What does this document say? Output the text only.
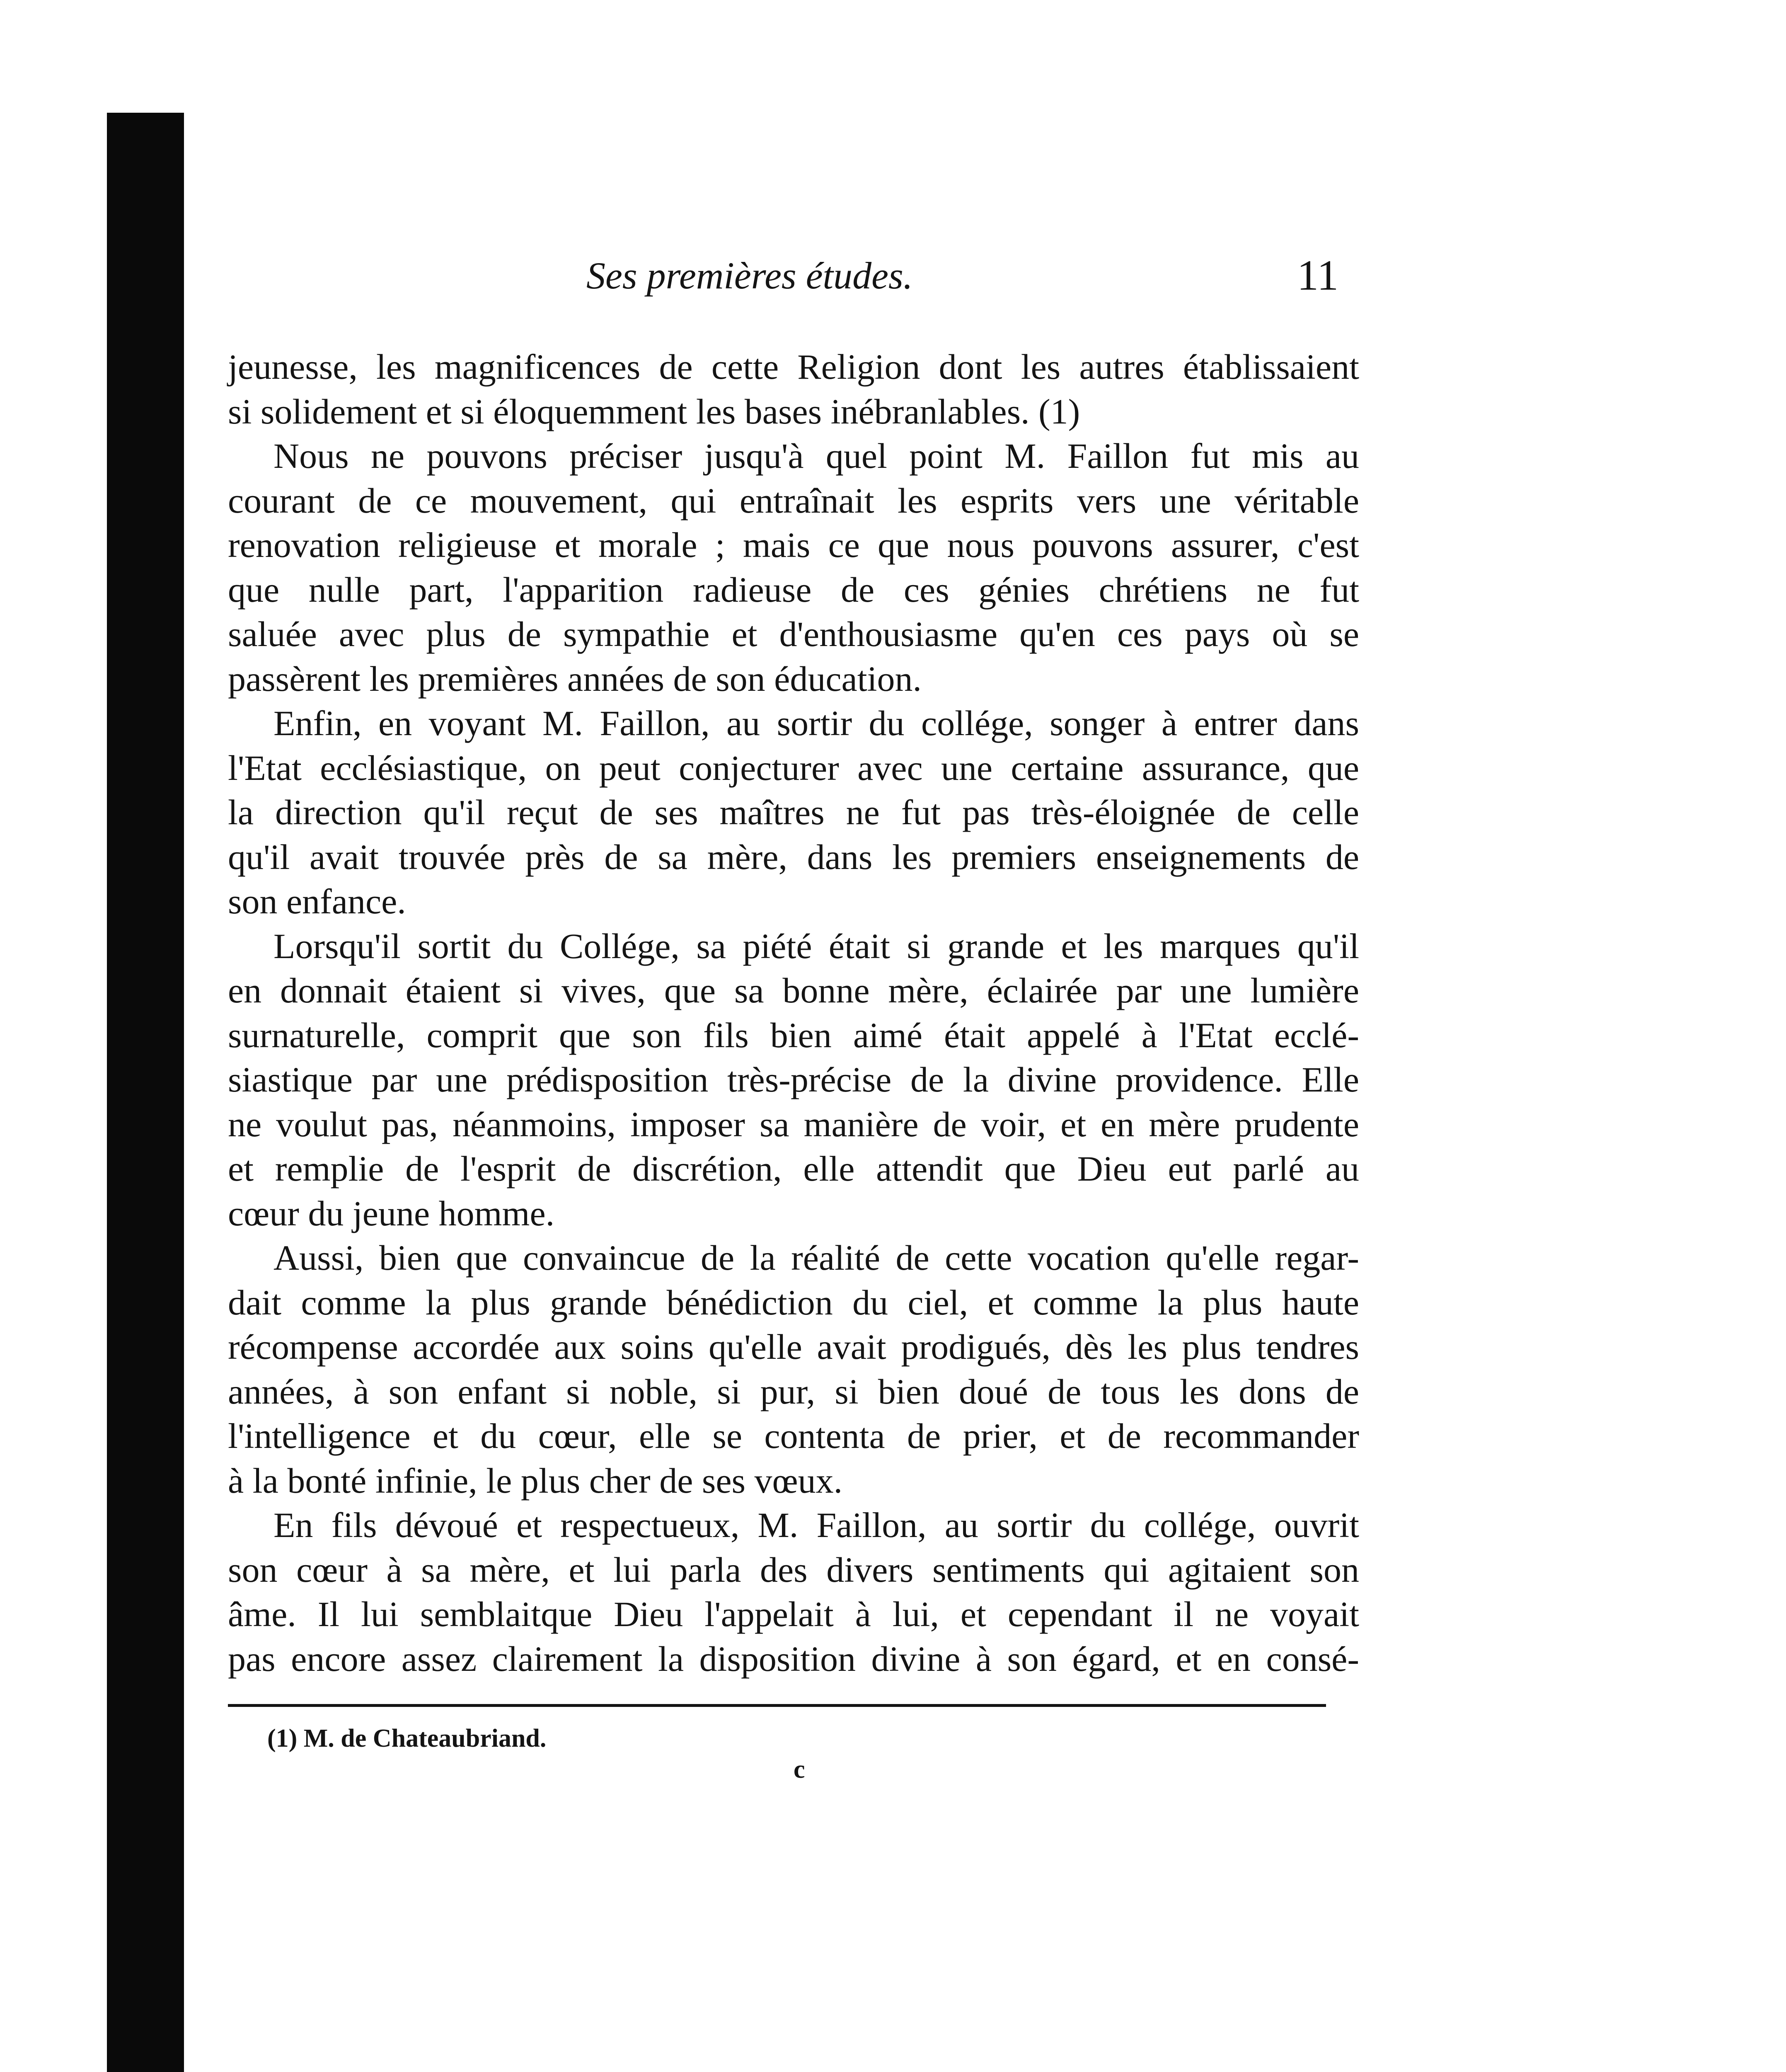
Ses premières études.	11
jeunesse, les magnificences de cette Religion dont les autres établissaient
si solidement et si éloquemment les bases inébranlables. (1)
Nous ne pouvons préciser jusqu'à quel point M. Faillon fut mis au
courant de ce mouvement, qui entraînait les esprits vers une véritable
renovation religieuse et morale ; mais ce que nous pouvons assurer, c'est
que nulle part, l'apparition radieuse de ces génies chrétiens ne fut
saluée avec plus de sympathie et d'enthousiasme qu'en ces pays où se
passèrent les premières années de son éducation.
Enfin, en voyant M. Faillon, au sortir du collége, songer à entrer dans
l'Etat ecclésiastique, on peut conjecturer avec une certaine assurance, que
la direction qu'il reçut de ses maîtres ne fut pas très-éloignée de celle
qu'il avait trouvée près de sa mère, dans les premiers enseignements de
son enfance.
Lorsqu'il sortit du Collége, sa piété était si grande et les marques qu'il
en donnait étaient si vives, que sa bonne mère, éclairée par une lumière
surnaturelle, comprit que son fils bien aimé était appelé à l'Etat ecclé-
siastique par une prédisposition très-précise de la divine providence. Elle
ne voulut pas, néanmoins, imposer sa manière de voir, et en mère prudente
et remplie de l'esprit de discrétion, elle attendit que Dieu eut parlé au
cœur du jeune homme.
Aussi, bien que convaincue de la réalité de cette vocation qu'elle regar-
dait comme la plus grande bénédiction du ciel, et comme la plus haute
récompense accordée aux soins qu'elle avait prodigués, dès les plus tendres
années, à son enfant si noble, si pur, si bien doué de tous les dons de
l'intelligence et du cœur, elle se contenta de prier, et de recommander
à la bonté infinie, le plus cher de ses vœux.
En fils dévoué et respectueux, M. Faillon, au sortir du collége, ouvrit
son cœur à sa mère, et lui parla des divers sentiments qui agitaient son
âme. Il lui semblaitque Dieu l'appelait à lui, et cependant il ne voyait
pas encore assez clairement la disposition divine à son égard, et en consé-
(1) M. de Chateaubriand.
c
